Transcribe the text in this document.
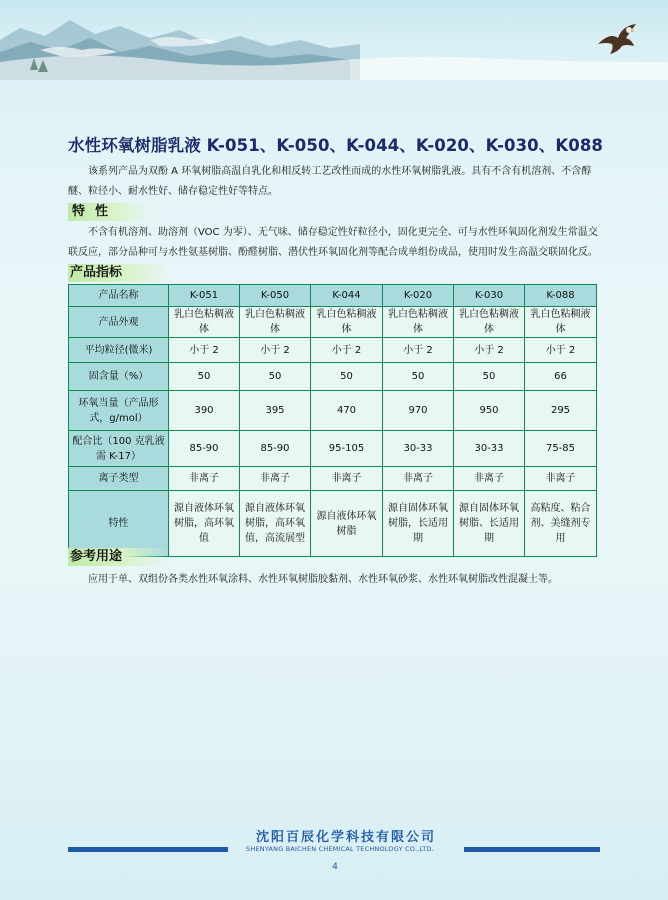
水性环氧树脂乳液 K-051、K-050、K-044、K-020、K-030、K088
该系列产品为双酚 A 环氧树脂高温自乳化和相反转工艺改性而成的水性环氧树脂乳液。具有不含有机溶剂、不含醇醚、粒径小、耐水性好、储存稳定性好等特点。
特性
不含有机溶剂、助溶剂（VOC 为零）、无气味、储存稳定性好粒径小，固化更完全、可与水性环氧固化剂发生常温交联反应，部分品种可与水性氨基树脂、酚醛树脂、潜伏性环氧固化剂等配合成单组份成品，使用时发生高温交联固化反。
产品指标
产品名称	K-051	K-050	K-044	K-020	K-030	K-088
产品外观	乳白色粘稠液体	乳白色粘稠液体	乳白色粘稠液体	乳白色粘稠液体	乳白色粘稠液体	乳白色粘稠液体
平均粒径(微米)	小于 2	小于 2	小于 2	小于 2	小于 2	小于 2
固含量（%）	50	50	50	50	50	66
环氧当量（产品形式，g/mol）	390	395	470	970	950	295
配合比（100 克乳液需 K-17）	85-90	85-90	95-105	30-33	30-33	75-85
离子类型	非离子	非离子	非离子	非离子	非离子	非离子
特性	源自液体环氧树脂，高环氧值	源自液体环氧树脂，高环氧值，高流展型	源自液体环氧树脂	源自固体环氧树脂，长适用期	源自固体环氧树脂、长适用期	高粘度、粘合剂、美缝剂专用
参考用途
应用于单、双组份各类水性环氧涂料、水性环氧树脂胶黏剂、水性环氧砂浆、水性环氧树脂改性混凝土等。
沈阳百辰化学科技有限公司
SHENYANG BAICHEN CHEMICAL TECHNOLOGY CO.,LTD.
4
